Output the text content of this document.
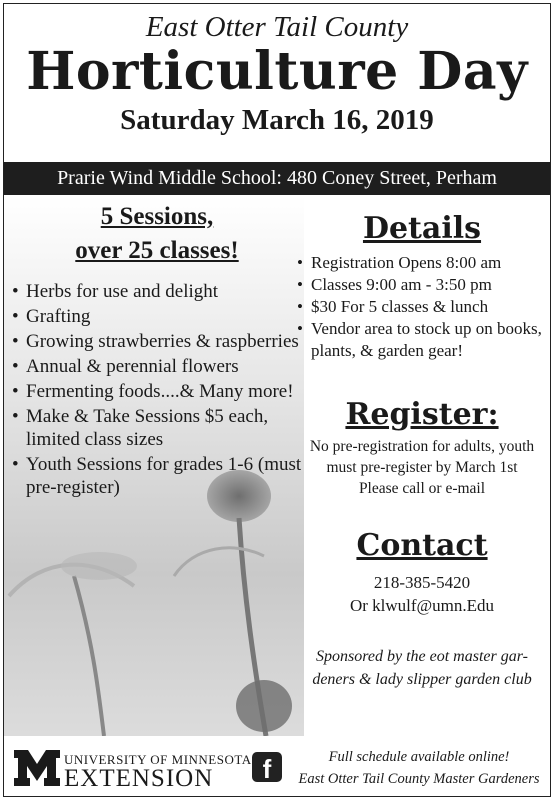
East Otter Tail County
Horticulture Day
Saturday March 16, 2019
Prarie Wind Middle School: 480 Coney Street, Perham
5 Sessions,
over 25 classes!
• Herbs for use and delight
• Grafting
• Growing strawberries & raspberries
• Annual & perennial flowers
• Fermenting foods....& Many more!
• Make & Take Sessions $5 each, limited class sizes
• Youth Sessions for grades 1-6 (must pre-register)
Details
• Registration Opens 8:00 am
• Classes 9:00 am - 3:50 pm
• $30 For 5 classes & lunch
• Vendor area to stock up on books, plants, & garden gear!
Register:
No pre-registration for adults, youth
must pre-register by March 1st
Please call or e-mail
Contact
218-385-5420
Or klwulf@umn.Edu
Sponsored by the eot master gar-
deners & lady slipper garden club
UNIVERSITY OF MINNESOTA
EXTENSION	f	Full schedule available online!
East Otter Tail County Master Gardeners
